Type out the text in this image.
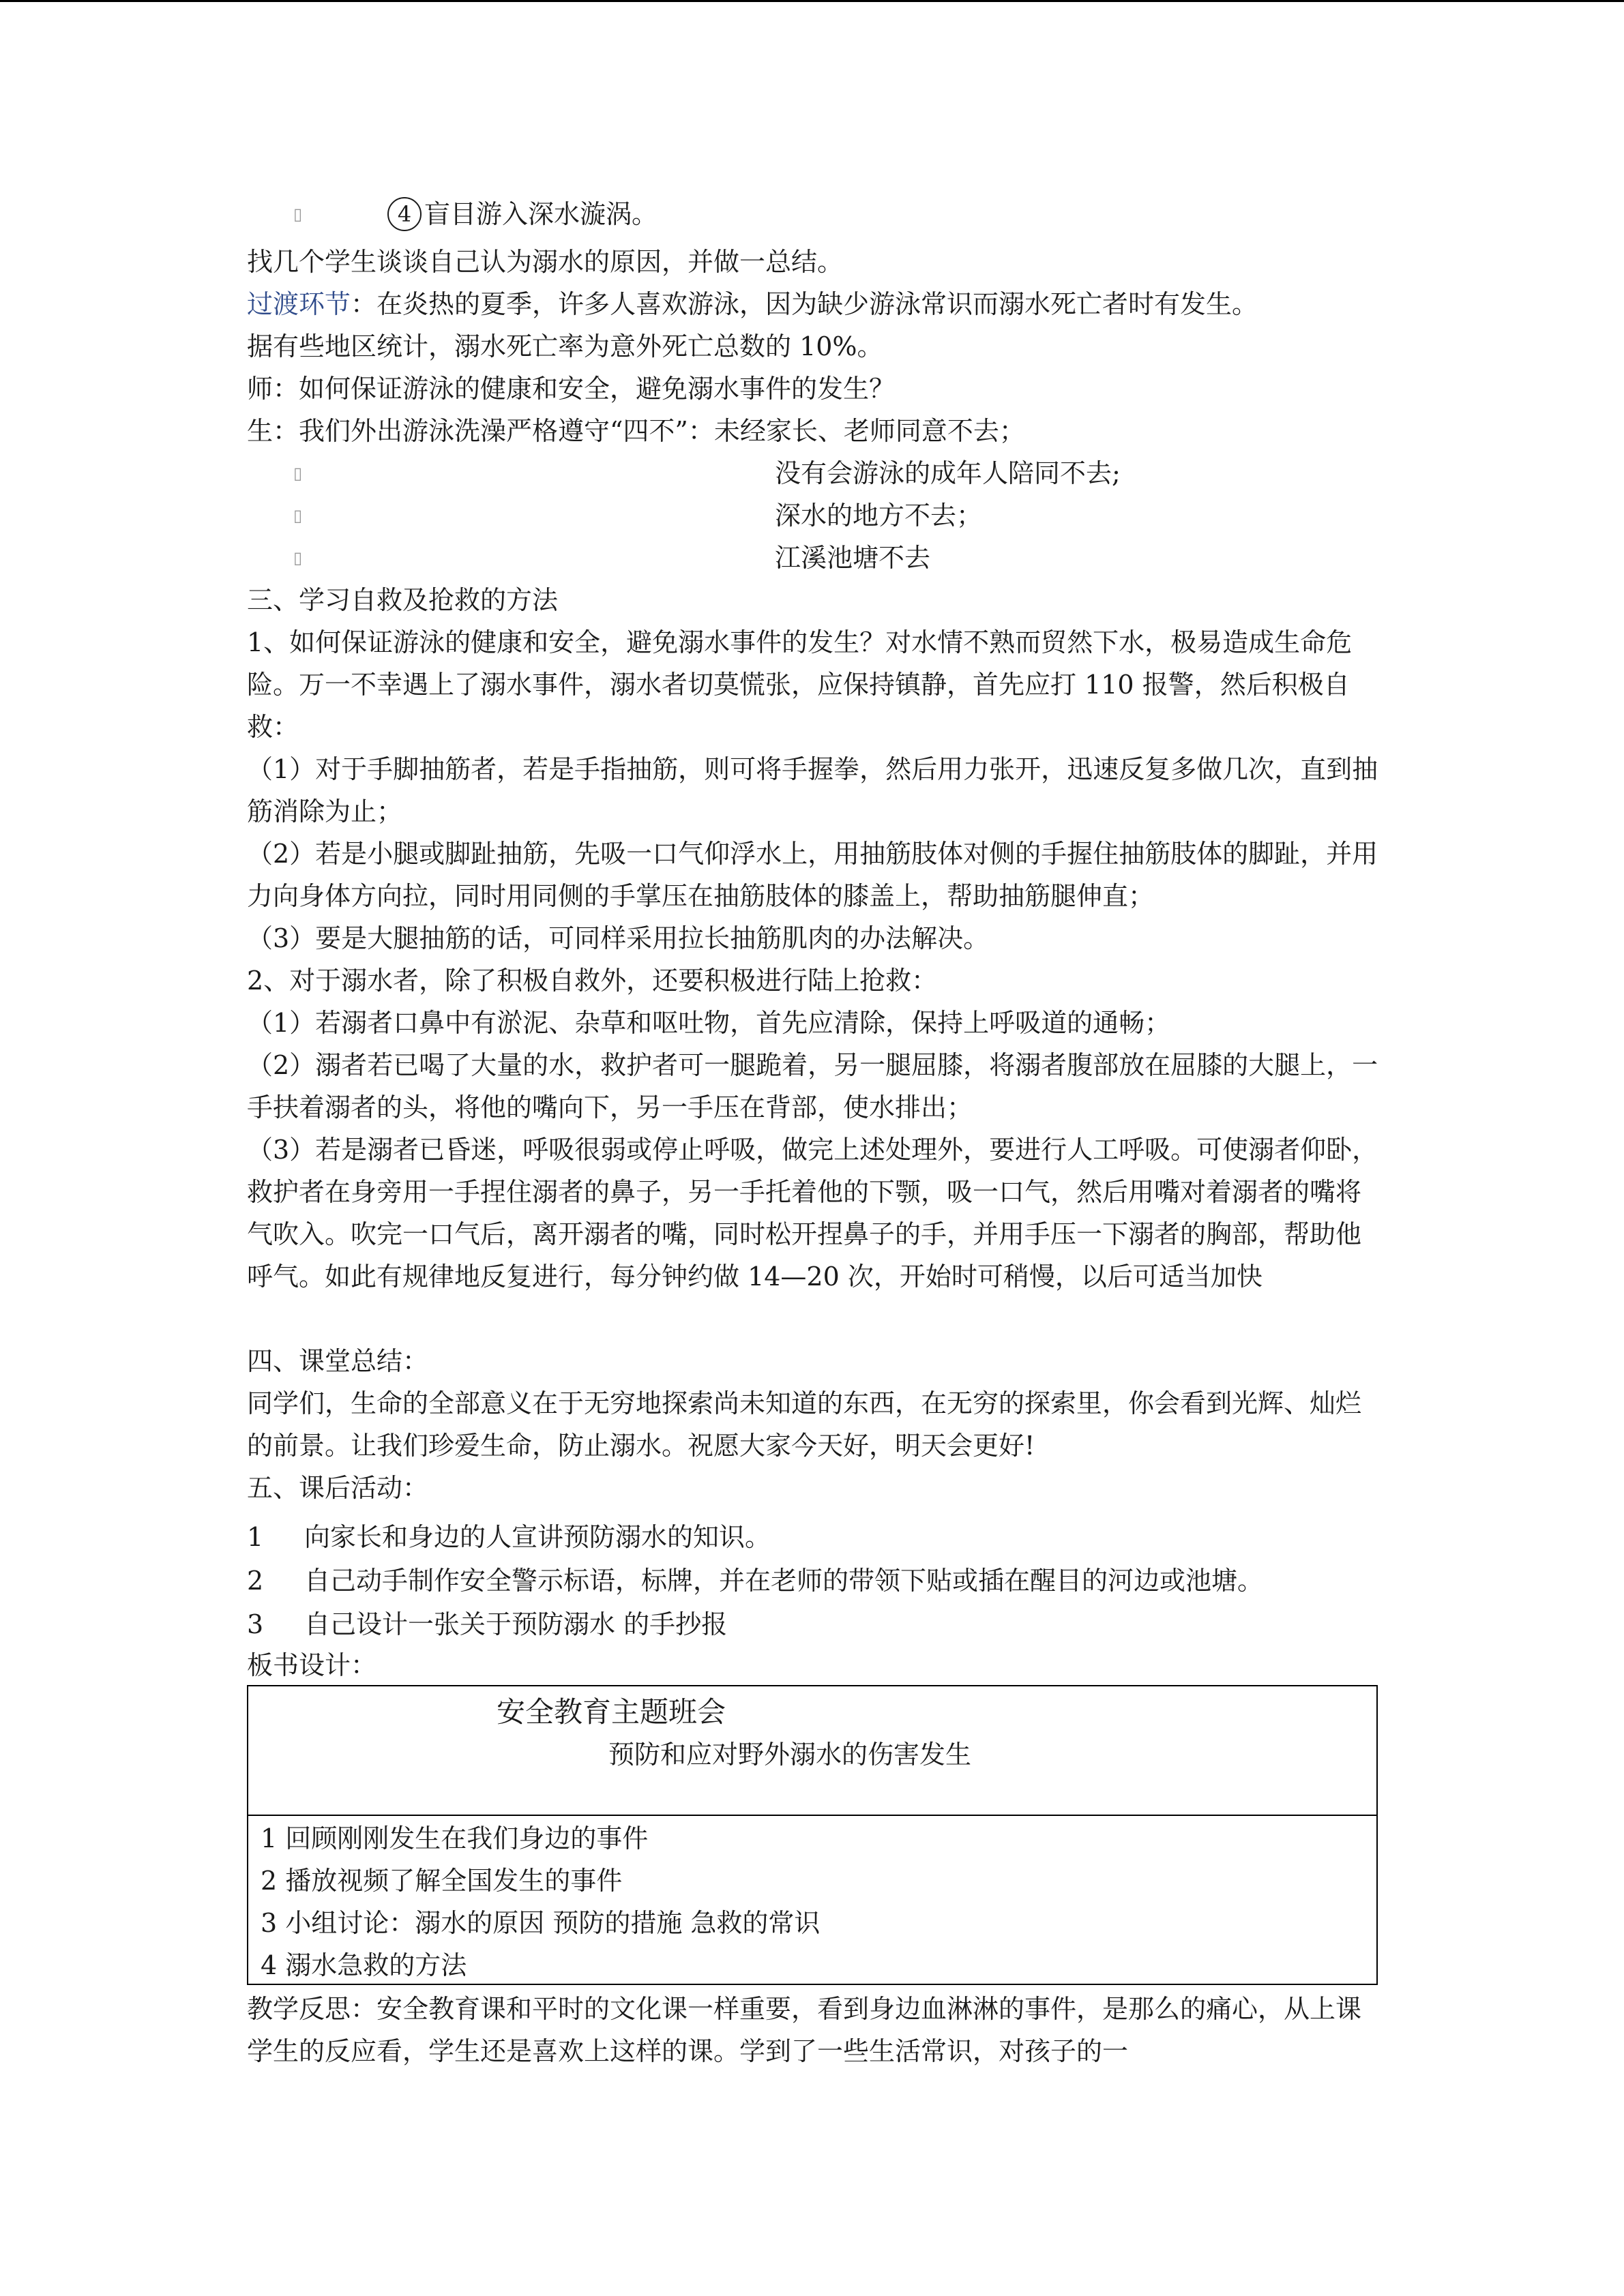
▯	4 盲目游入深水漩涡。
找几个学生谈谈自己认为溺水的原因，并做一总结。
过渡环节：在炎热的夏季，许多人喜欢游泳，因为缺少游泳常识而溺水死亡者时有发生。
据有些地区统计，溺水死亡率为意外死亡总数的 10%。
师：如何保证游泳的健康和安全，避免溺水事件的发生？
生：我们外出游泳洗澡严格遵守“四不”：未经家长、老师同意不去；
▯	没有会游泳的成年人陪同不去;
▯	深水的地方不去；
▯	江溪池塘不去
三、学习自救及抢救的方法
1、如何保证游泳的健康和安全，避免溺水事件的发生？对水情不熟而贸然下水，极易造成生命危险。万一不幸遇上了溺水事件，溺水者切莫慌张，应保持镇静，首先应打 110 报警，然后积极自救：
（1）对于手脚抽筋者，若是手指抽筋，则可将手握拳，然后用力张开，迅速反复多做几次，直到抽筋消除为止；
（2）若是小腿或脚趾抽筋，先吸一口气仰浮水上，用抽筋肢体对侧的手握住抽筋肢体的脚趾，并用力向身体方向拉，同时用同侧的手掌压在抽筋肢体的膝盖上，帮助抽筋腿伸直；
（3）要是大腿抽筋的话，可同样采用拉长抽筋肌肉的办法解决。
2、对于溺水者，除了积极自救外，还要积极进行陆上抢救：
（1）若溺者口鼻中有淤泥、杂草和呕吐物，首先应清除，保持上呼吸道的通畅；
（2）溺者若已喝了大量的水，救护者可一腿跪着，另一腿屈膝，将溺者腹部放在屈膝的大腿上，一手扶着溺者的头，将他的嘴向下，另一手压在背部，使水排出；
（3）若是溺者已昏迷，呼吸很弱或停止呼吸，做完上述处理外，要进行人工呼吸。可使溺者仰卧，救护者在身旁用一手捏住溺者的鼻子，另一手托着他的下颚，吸一口气，然后用嘴对着溺者的嘴将气吹入。吹完一口气后，离开溺者的嘴，同时松开捏鼻子的手，并用手压一下溺者的胸部，帮助他呼气。如此有规律地反复进行，每分钟约做 14—20 次，开始时可稍慢，以后可适当加快
四、课堂总结：
同学们，生命的全部意义在于无穷地探索尚未知道的东西，在无穷的探索里，你会看到光辉、灿烂的前景。让我们珍爱生命，防止溺水。祝愿大家今天好，明天会更好!
五、课后活动：
1 向家长和身边的人宣讲预防溺水的知识。
2 自己动手制作安全警示标语，标牌，并在老师的带领下贴或插在醒目的河边或池塘。
3 自己设计一张关于预防溺水 的手抄报
板书设计：
安全教育主题班会
预防和应对野外溺水的伤害发生
1 回顾刚刚发生在我们身边的事件
2 播放视频了解全国发生的事件
3 小组讨论：溺水的原因 预防的措施 急救的常识
4 溺水急救的方法
教学反思：安全教育课和平时的文化课一样重要，看到身边血淋淋的事件，是那么的痛心，从上课学生的反应看，学生还是喜欢上这样的课。学到了一些生活常识，对孩子的一
